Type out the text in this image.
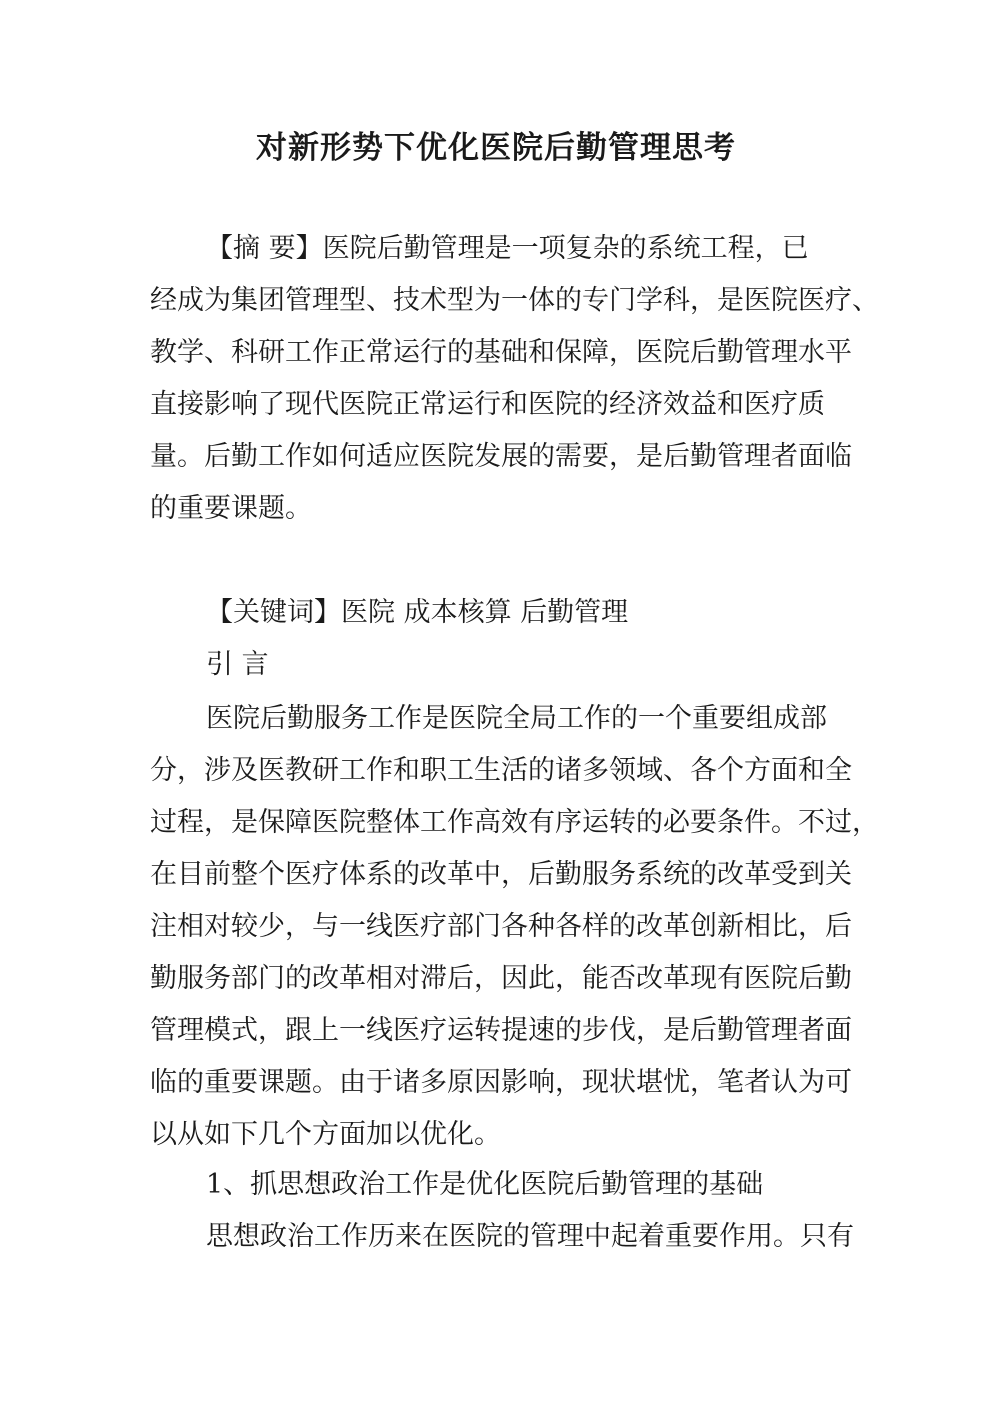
对新形势下优化医院后勤管理思考
【摘 要】医院后勤管理是一项复杂的系统工程，已
经成为集团管理型、技术型为一体的专门学科，是医院医疗、
教学、科研工作正常运行的基础和保障，医院后勤管理水平
直接影响了现代医院正常运行和医院的经济效益和医疗质
量。后勤工作如何适应医院发展的需要，是后勤管理者面临
的重要课题。
【关键词】医院 成本核算 后勤管理
引 言
医院后勤服务工作是医院全局工作的一个重要组成部
分，涉及医教研工作和职工生活的诸多领域、各个方面和全
过程，是保障医院整体工作高效有序运转的必要条件。不过，
在目前整个医疗体系的改革中，后勤服务系统的改革受到关
注相对较少，与一线医疗部门各种各样的改革创新相比，后
勤服务部门的改革相对滞后，因此，能否改革现有医院后勤
管理模式，跟上一线医疗运转提速的步伐，是后勤管理者面
临的重要课题。由于诸多原因影响，现状堪忧，笔者认为可
以从如下几个方面加以优化。
1、抓思想政治工作是优化医院后勤管理的基础
思想政治工作历来在医院的管理中起着重要作用。只有
